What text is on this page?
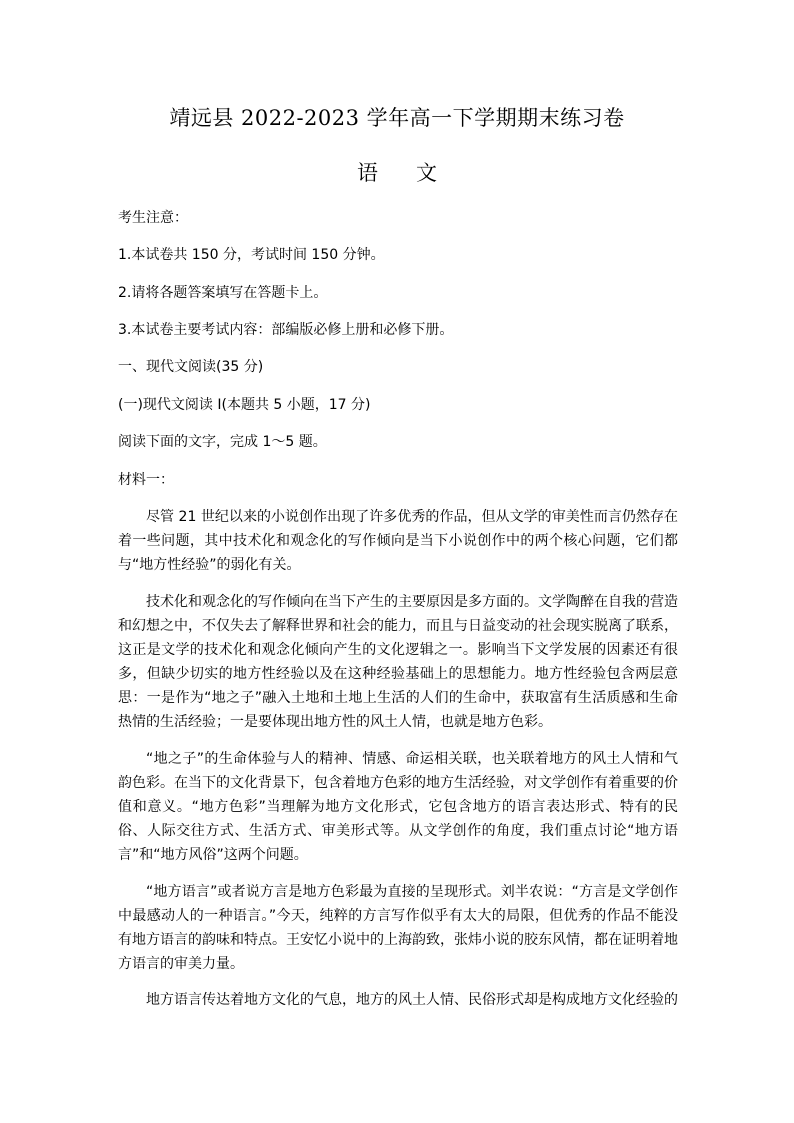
靖远县 2022-2023 学年高一下学期期末练习卷
语文
考生注意：
1.本试卷共 150 分，考试时间 150 分钟。
2.请将各题答案填写在答题卡上。
3.本试卷主要考试内容：部编版必修上册和必修下册。
一、现代文阅读(35 分)
(一)现代文阅读 I(本题共 5 小题，17 分)
阅读下面的文字，完成 1～5 题。
材料一：
尽管 21 世纪以来的小说创作出现了许多优秀的作品，但从文学的审美性而言仍然存在着一些问题，其中技术化和观念化的写作倾向是当下小说创作中的两个核心问题，它们都与“地方性经验”的弱化有关。
技术化和观念化的写作倾向在当下产生的主要原因是多方面的。文学陶醉在自我的营造和幻想之中，不仅失去了解释世界和社会的能力，而且与日益变动的社会现实脱离了联系，这正是文学的技术化和观念化倾向产生的文化逻辑之一。影响当下文学发展的因素还有很多，但缺少切实的地方性经验以及在这种经验基础上的思想能力。地方性经验包含两层意思：一是作为“地之子”融入土地和土地上生活的人们的生命中，获取富有生活质感和生命热情的生活经验；一是要体现出地方性的风土人情，也就是地方色彩。
“地之子”的生命体验与人的精神、情感、命运相关联，也关联着地方的风土人情和气韵色彩。在当下的文化背景下，包含着地方色彩的地方生活经验，对文学创作有着重要的价值和意义。“地方色彩”当理解为地方文化形式，它包含地方的语言表达形式、特有的民俗、人际交往方式、生活方式、审美形式等。从文学创作的角度，我们重点讨论“地方语言”和“地方风俗”这两个问题。
“地方语言”或者说方言是地方色彩最为直接的呈现形式。刘半农说：“方言是文学创作中最感动人的一种语言。”今天，纯粹的方言写作似乎有太大的局限，但优秀的作品不能没有地方语言的韵味和特点。王安忆小说中的上海韵致，张炜小说的胶东风情，都在证明着地方语言的审美力量。
地方语言传达着地方文化的气息，地方的风土人情、民俗形式却是构成地方文化经验的
